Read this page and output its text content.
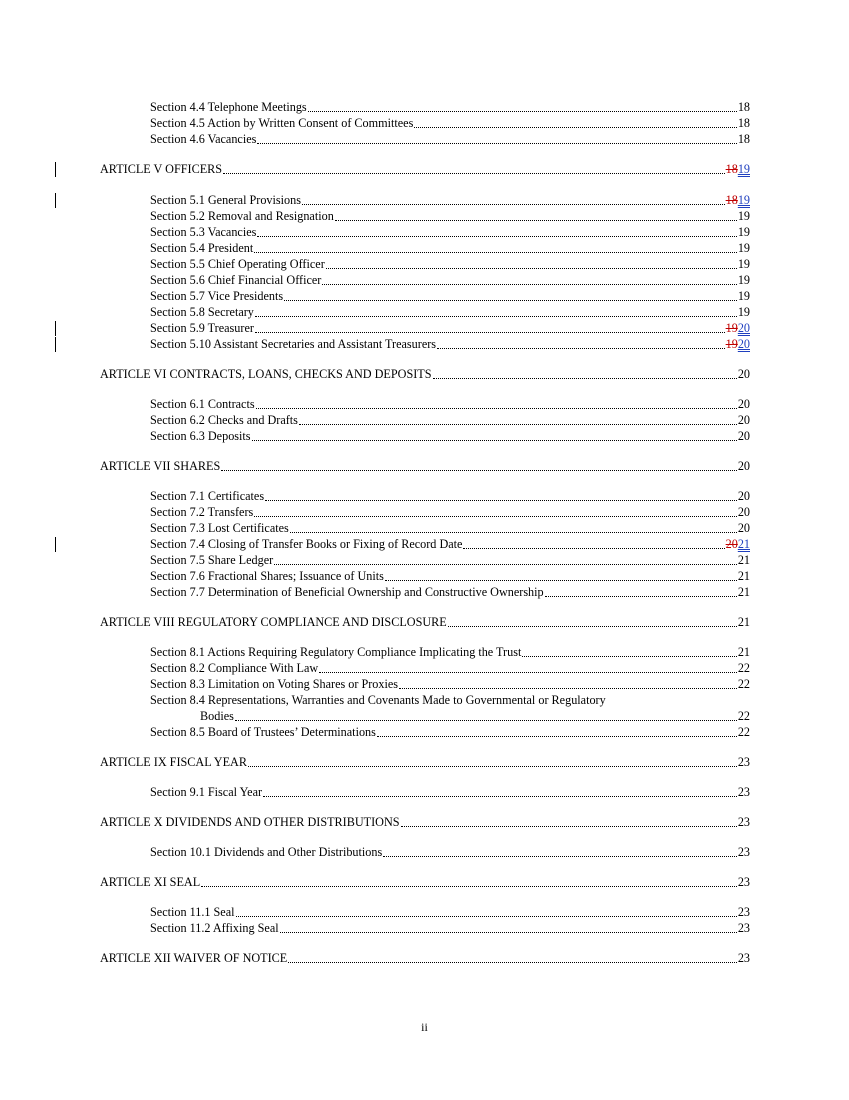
Section 4.4 Telephone Meetings	18
Section 4.5 Action by Written Consent of Committees	18
Section 4.6 Vacancies	18
ARTICLE V OFFICERS	1819
Section 5.1 General Provisions	1819
Section 5.2 Removal and Resignation	19
Section 5.3 Vacancies	19
Section 5.4 President	19
Section 5.5 Chief Operating Officer	19
Section 5.6 Chief Financial Officer	19
Section 5.7 Vice Presidents	19
Section 5.8 Secretary	19
Section 5.9 Treasurer	1920
Section 5.10 Assistant Secretaries and Assistant Treasurers	1920
ARTICLE VI CONTRACTS, LOANS, CHECKS AND DEPOSITS	20
Section 6.1 Contracts	20
Section 6.2 Checks and Drafts	20
Section 6.3 Deposits	20
ARTICLE VII SHARES	20
Section 7.1 Certificates	20
Section 7.2 Transfers	20
Section 7.3 Lost Certificates	20
Section 7.4 Closing of Transfer Books or Fixing of Record Date	2021
Section 7.5 Share Ledger	21
Section 7.6 Fractional Shares; Issuance of Units	21
Section 7.7 Determination of Beneficial Ownership and Constructive Ownership	21
ARTICLE VIII REGULATORY COMPLIANCE AND DISCLOSURE	21
Section 8.1 Actions Requiring Regulatory Compliance Implicating the Trust	21
Section 8.2 Compliance With Law	22
Section 8.3 Limitation on Voting Shares or Proxies	22
Section 8.4 Representations, Warranties and Covenants Made to Governmental or Regulatory
Bodies	22
Section 8.5 Board of Trustees’ Determinations	22
ARTICLE IX FISCAL YEAR	23
Section 9.1 Fiscal Year	23
ARTICLE X DIVIDENDS AND OTHER DISTRIBUTIONS	23
Section 10.1 Dividends and Other Distributions	23
ARTICLE XI SEAL	23
Section 11.1 Seal	23
Section 11.2 Affixing Seal	23
ARTICLE XII WAIVER OF NOTICE	23
ii
